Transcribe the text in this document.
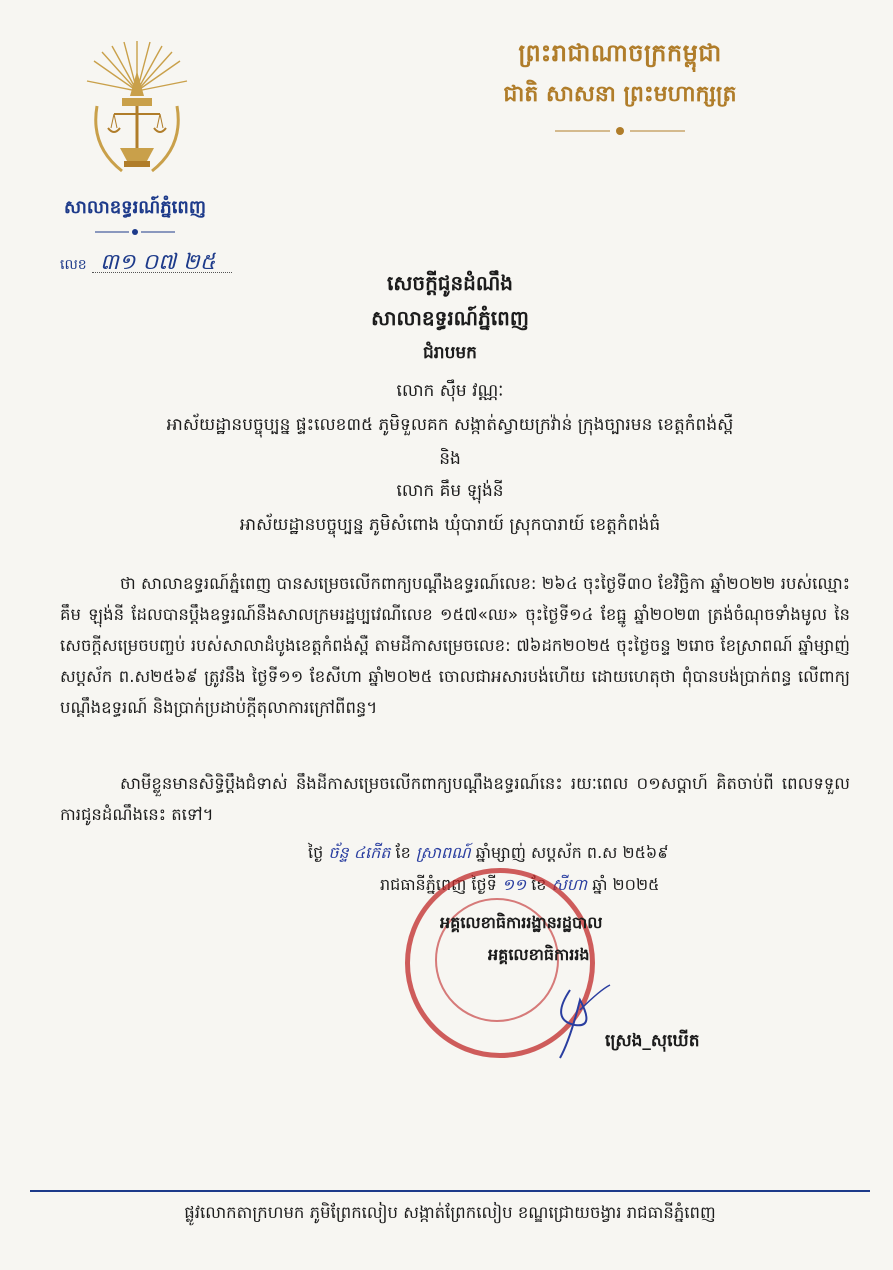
ព្រះរាជាណាចក្រកម្ពុជា
ជាតិ សាសនា ព្រះមហាក្សត្រ
សាលាឧទ្ធរណ៍ភ្នំពេញ
លេខ ៣១ ០៧ ២៥
សេចក្ដីជូនដំណឹង
សាលាឧទ្ធរណ៍ភ្នំពេញ
ជំរាបមក
លោក ស៊ឹម វណ្ណៈ
អាស័យដ្ឋានបច្ចុប្បន្ន ផ្ទះលេខ៣៥ ភូមិទួលគក សង្កាត់ស្វាយក្រវ៉ាន់ ក្រុងច្បារមន ខេត្តកំពង់ស្ពឺ
និង
លោក គឹម ឡុង់នី
អាស័យដ្ឋានបច្ចុប្បន្ន ភូមិសំពោង ឃុំបារាយ៍ ស្រុកបារាយ៍ ខេត្តកំពង់ធំ
ថា សាលាឧទ្ធរណ៍ភ្នំពេញ បានសម្រេចលើកពាក្យបណ្ដឹងឧទ្ធរណ៍លេខ: ២៦៤ ចុះថ្ងៃទី៣០ ខែវិច្ឆិកា ឆ្នាំ២០២២ របស់ឈ្មោះ គឹម ឡុង់នី ដែលបានប្ដឹងឧទ្ធរណ៍នឹងសាលក្រមរដ្ឋប្បវេណីលេខ ១៥៧«ឈ» ចុះថ្ងៃទី១៤ ខែធ្នូ ឆ្នាំ២០២៣ ត្រង់ចំណុចទាំងមូល នៃសេចក្ដីសម្រេចបញ្ចប់ របស់សាលាដំបូងខេត្តកំពង់ស្ពឺ តាមដីកាសម្រេចលេខ: ៧៦ដក២០២៥ ចុះថ្ងៃចន្ទ ២រោច ខែស្រាពណ៍ ឆ្នាំម្សាញ់ សប្តស័ក ព.ស២៥៦៩ ត្រូវនឹង ថ្ងៃទី១១ ខែសីហា ឆ្នាំ២០២៥ ចោលជាអសារបង់ហើយ ដោយហេតុថា ពុំបានបង់ប្រាក់ពន្ធ លើពាក្យបណ្ដឹងឧទ្ធរណ៍ និងប្រាក់ប្រដាប់ក្ដីតុលាការក្រៅពីពន្ធ។
សាមីខ្លួនមានសិទ្ធិប្ដឹងជំទាស់ នឹងដីកាសម្រេចលើកពាក្យបណ្ដឹងឧទ្ធរណ៍នេះ រយៈពេល ០១សប្តាហ៍ គិតចាប់ពី ពេលទទួលការជូនដំណឹងនេះ តទៅ។
ថ្ងៃ ច័ន្ទ ៤កើត ខែ ស្រាពណ៍ ឆ្នាំម្សាញ់ សប្តស័ក ព.ស ២៥៦៩
រាជធានីភ្នំពេញ ថ្ងៃទី ១១ ខែ សីហា ឆ្នាំ ២០២៥
អគ្គលេខាធិការរង្ឋានរដ្ឋបាល
អគ្គលេខាធិការរង
ស្រេង_សុឃើត
ផ្លូវលោកតាក្រហមក ភូមិព្រែកលៀប សង្កាត់ព្រែកលៀប ខណ្ឌជ្រោយចង្វារ រាជធានីភ្នំពេញ
